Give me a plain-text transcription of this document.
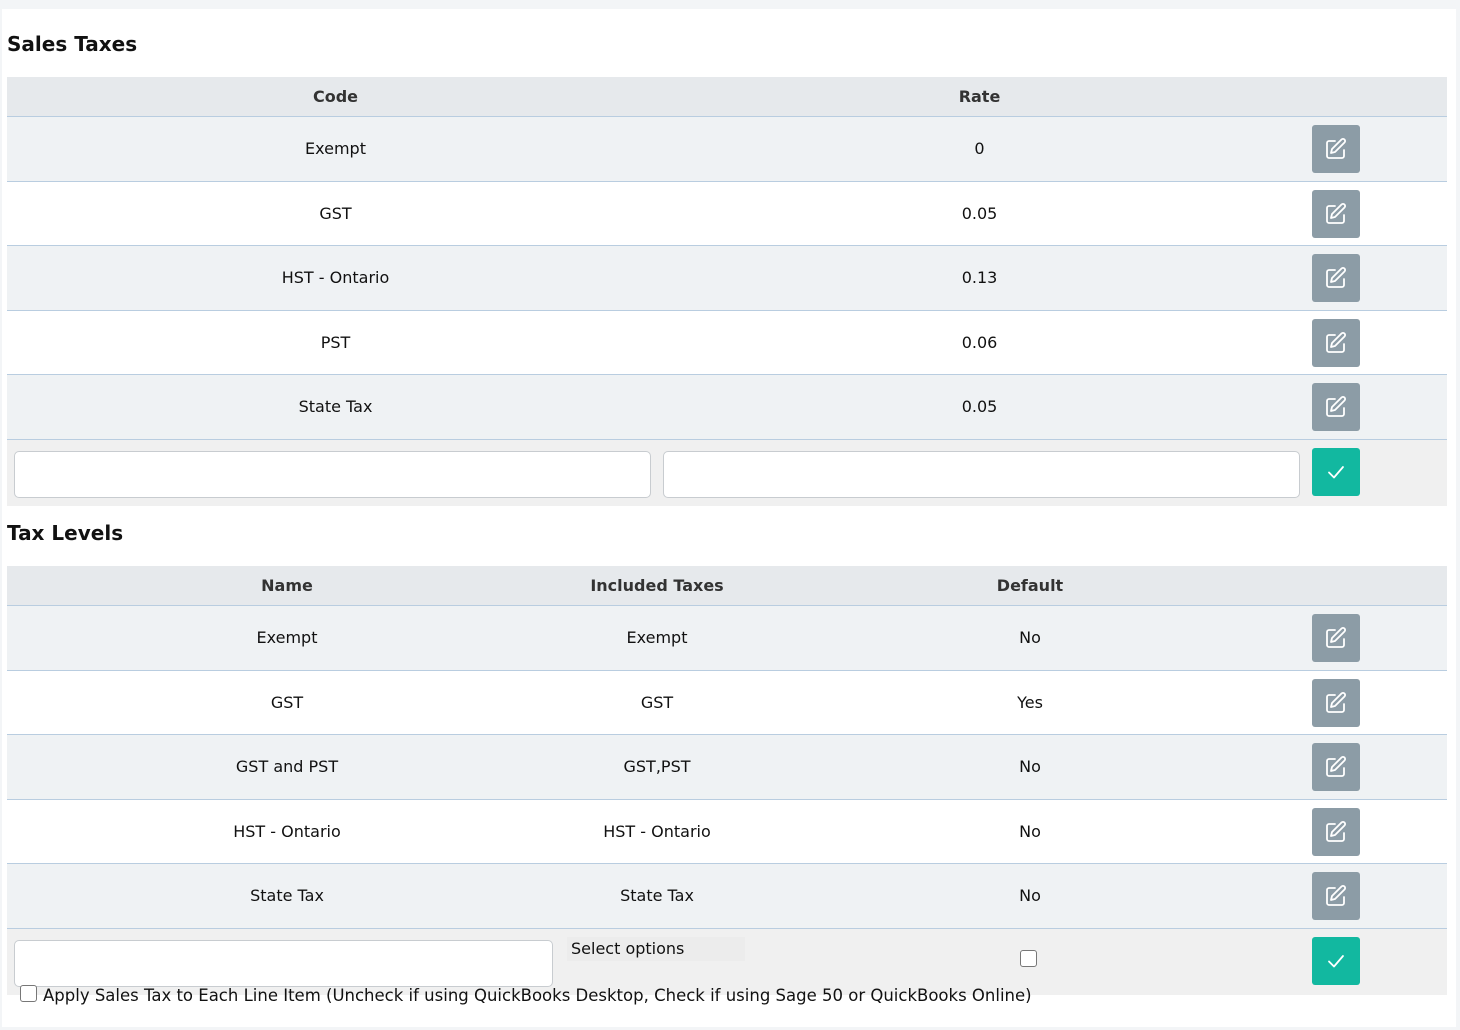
Sales Taxes
Code	Rate
Exempt	0
GST	0.05
HST - Ontario	0.13
PST	0.06
State Tax	0.05
Tax Levels
Name	Included Taxes	Default
Exempt	Exempt	No
GST	GST	Yes
GST and PST	GST,PST	No
HST - Ontario	HST - Ontario	No
State Tax	State Tax	No
Select options
Apply Sales Tax to Each Line Item (Uncheck if using QuickBooks Desktop, Check if using Sage 50 or QuickBooks Online)
